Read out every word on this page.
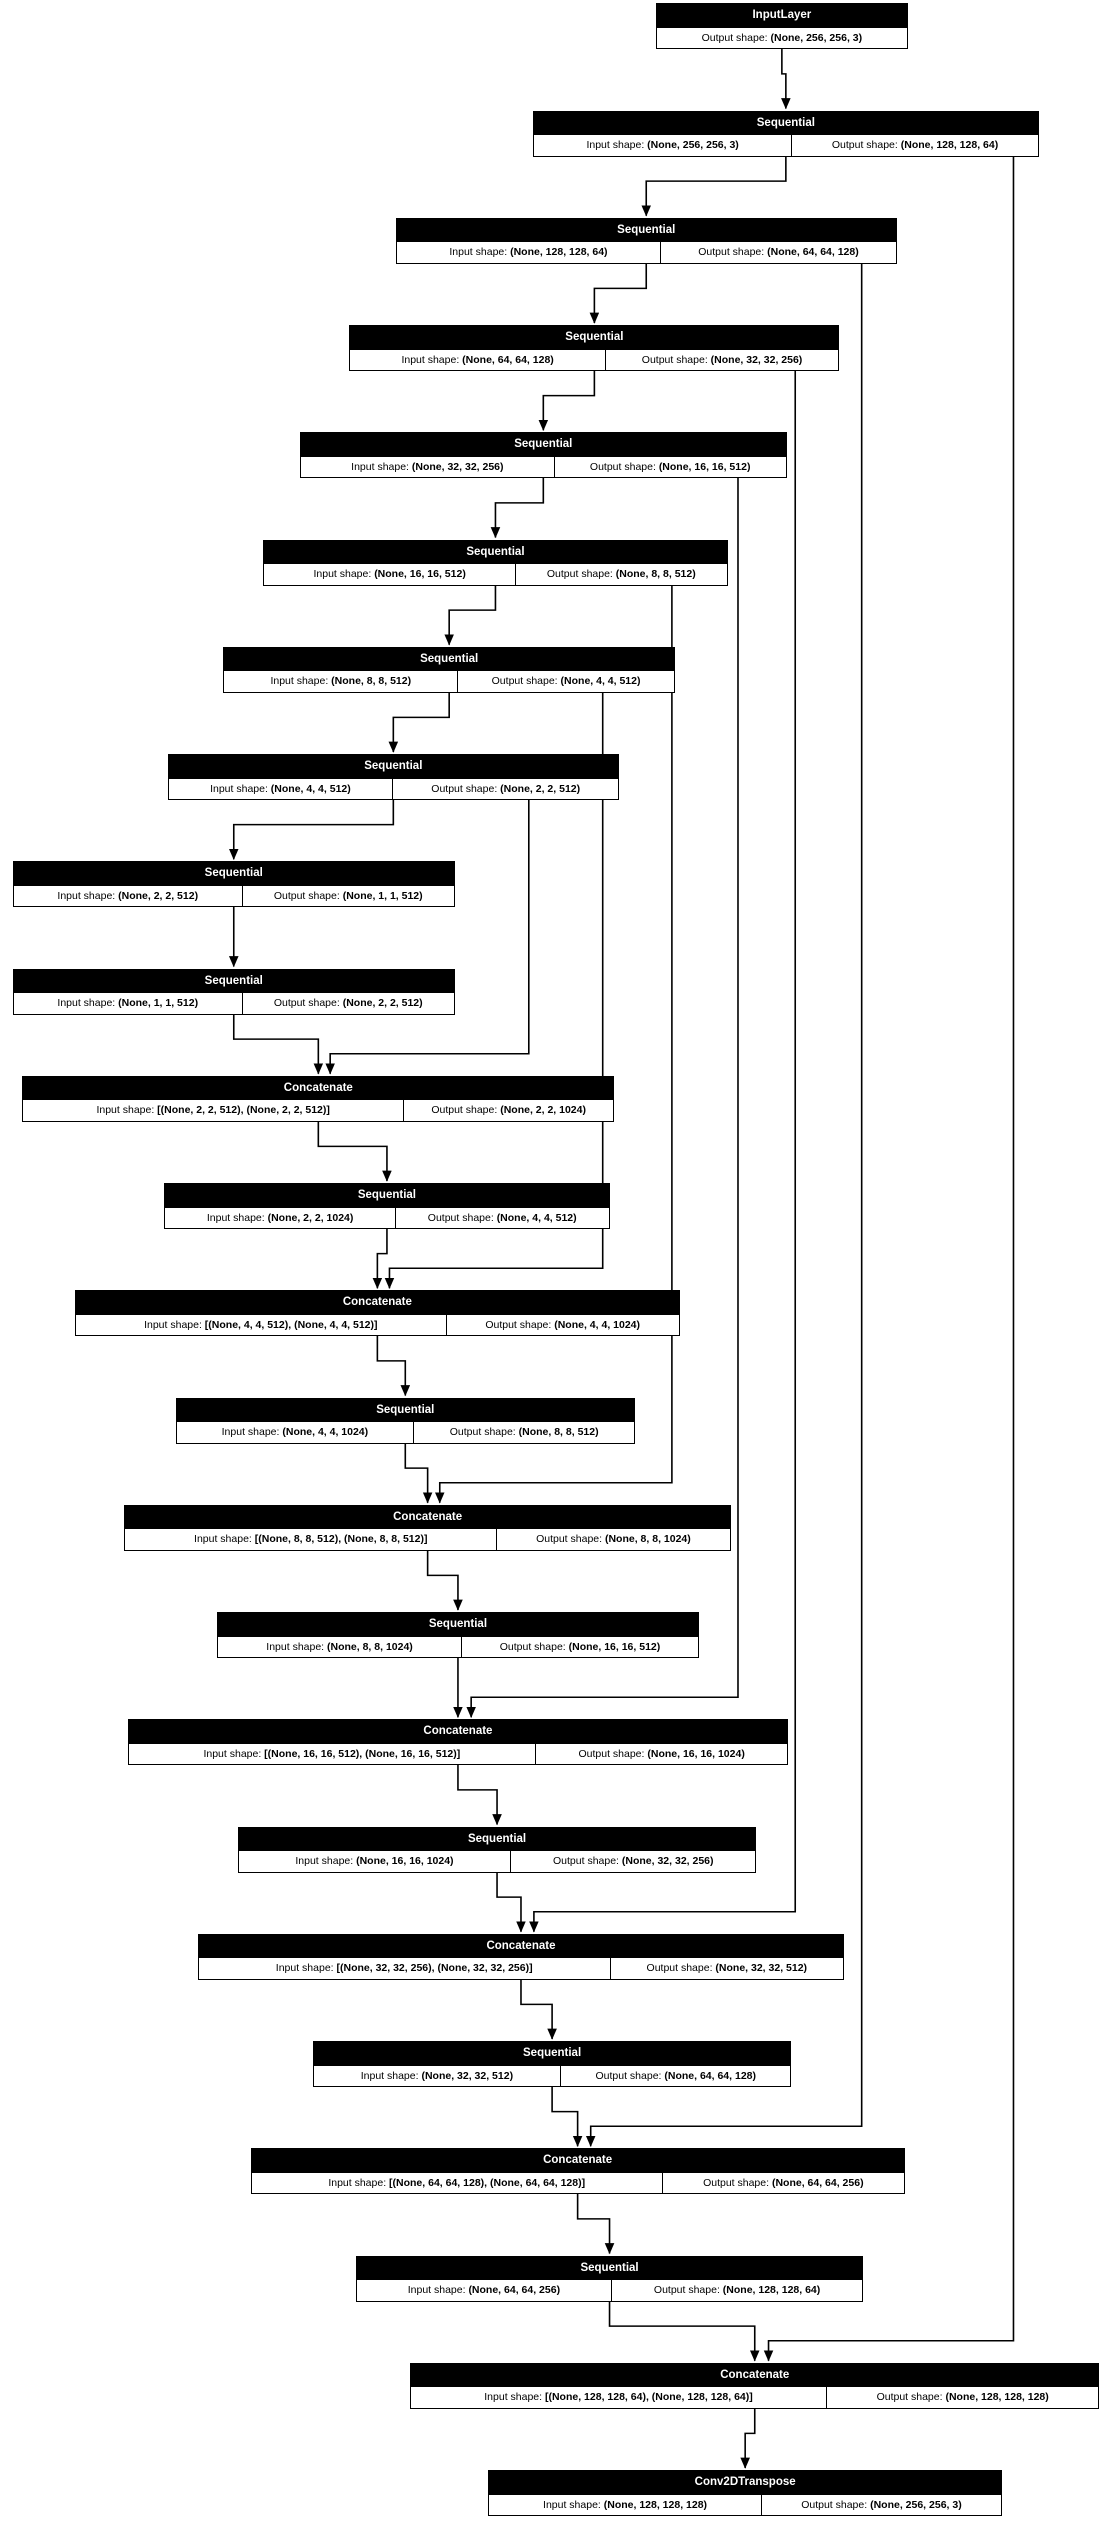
InputLayer
Output shape: (None, 256, 256, 3)
Sequential
Input shape: (None, 256, 256, 3)	Output shape: (None, 128, 128, 64)
Sequential
Input shape: (None, 128, 128, 64)	Output shape: (None, 64, 64, 128)
Sequential
Input shape: (None, 64, 64, 128)	Output shape: (None, 32, 32, 256)
Sequential
Input shape: (None, 32, 32, 256)	Output shape: (None, 16, 16, 512)
Sequential
Input shape: (None, 16, 16, 512)	Output shape: (None, 8, 8, 512)
Sequential
Input shape: (None, 8, 8, 512)	Output shape: (None, 4, 4, 512)
Sequential
Input shape: (None, 4, 4, 512)	Output shape: (None, 2, 2, 512)
Sequential
Input shape: (None, 2, 2, 512)	Output shape: (None, 1, 1, 512)
Sequential
Input shape: (None, 1, 1, 512)	Output shape: (None, 2, 2, 512)
Concatenate
Input shape: [(None, 2, 2, 512), (None, 2, 2, 512)]	Output shape: (None, 2, 2, 1024)
Sequential
Input shape: (None, 2, 2, 1024)	Output shape: (None, 4, 4, 512)
Concatenate
Input shape: [(None, 4, 4, 512), (None, 4, 4, 512)]	Output shape: (None, 4, 4, 1024)
Sequential
Input shape: (None, 4, 4, 1024)	Output shape: (None, 8, 8, 512)
Concatenate
Input shape: [(None, 8, 8, 512), (None, 8, 8, 512)]	Output shape: (None, 8, 8, 1024)
Sequential
Input shape: (None, 8, 8, 1024)	Output shape: (None, 16, 16, 512)
Concatenate
Input shape: [(None, 16, 16, 512), (None, 16, 16, 512)]	Output shape: (None, 16, 16, 1024)
Sequential
Input shape: (None, 16, 16, 1024)	Output shape: (None, 32, 32, 256)
Concatenate
Input shape: [(None, 32, 32, 256), (None, 32, 32, 256)]	Output shape: (None, 32, 32, 512)
Sequential
Input shape: (None, 32, 32, 512)	Output shape: (None, 64, 64, 128)
Concatenate
Input shape: [(None, 64, 64, 128), (None, 64, 64, 128)]	Output shape: (None, 64, 64, 256)
Sequential
Input shape: (None, 64, 64, 256)	Output shape: (None, 128, 128, 64)
Concatenate
Input shape: [(None, 128, 128, 64), (None, 128, 128, 64)]	Output shape: (None, 128, 128, 128)
Conv2DTranspose
Input shape: (None, 128, 128, 128)	Output shape: (None, 256, 256, 3)
